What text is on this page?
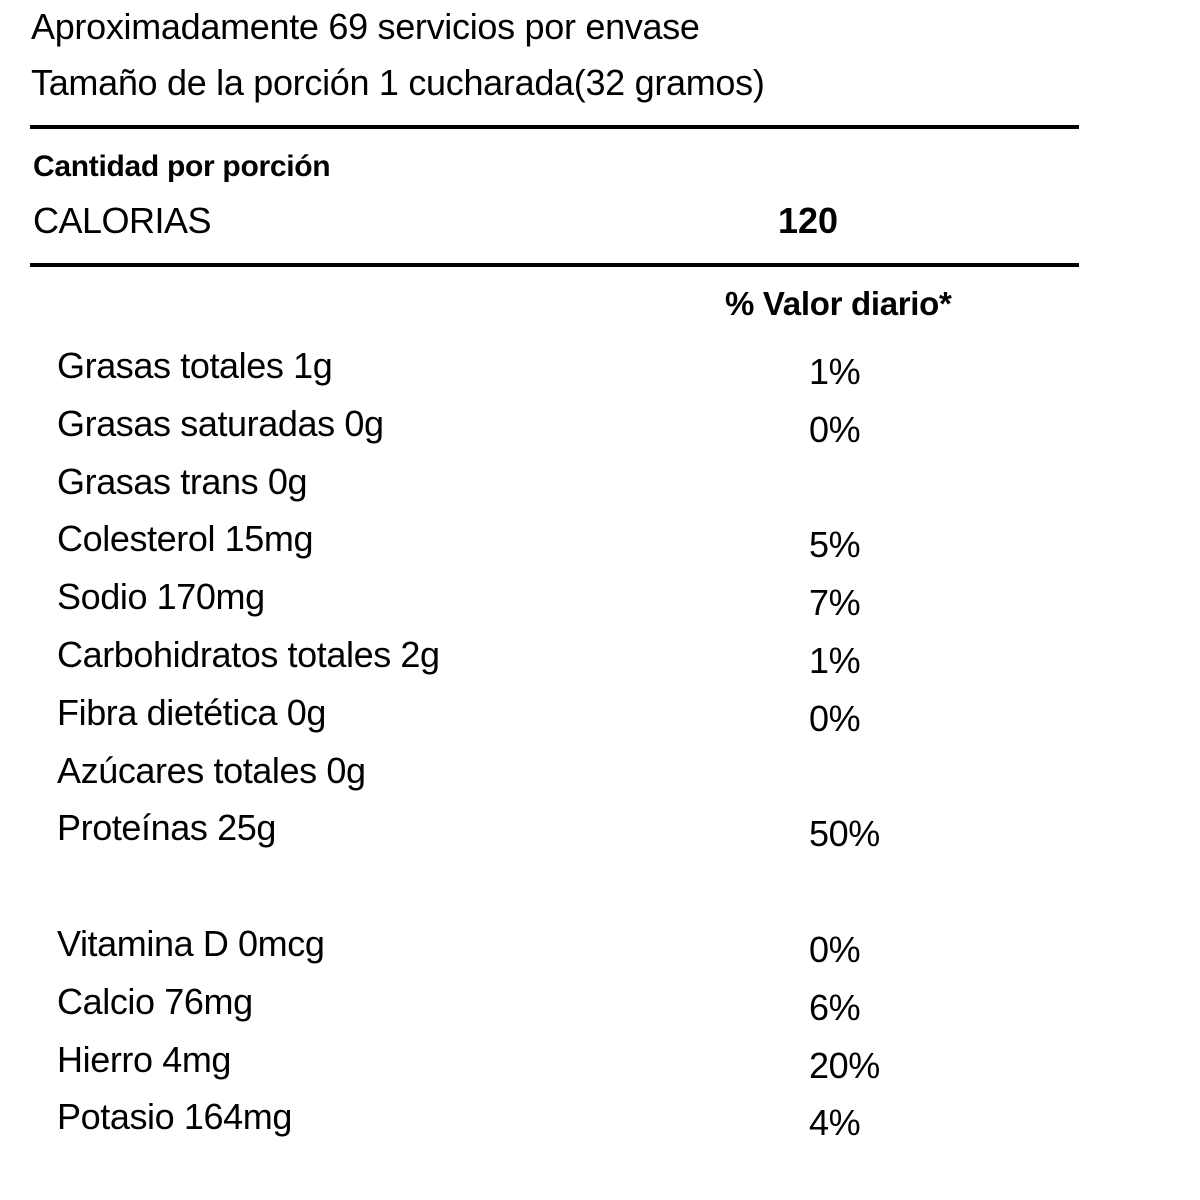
Aproximadamente 69 servicios por envase
Tamaño de la porción 1 cucharada(32 gramos)
Cantidad por porción
CALORIAS	120
% Valor diario*
Grasas totales 1g	1%
Grasas saturadas 0g	0%
Grasas trans 0g
Colesterol 15mg	5%
Sodio 170mg	7%
Carbohidratos totales 2g	1%
Fibra dietética 0g	0%
Azúcares totales 0g
Proteínas 25g	50%
Vitamina D 0mcg	0%
Calcio 76mg	6%
Hierro 4mg	20%
Potasio 164mg	4%
